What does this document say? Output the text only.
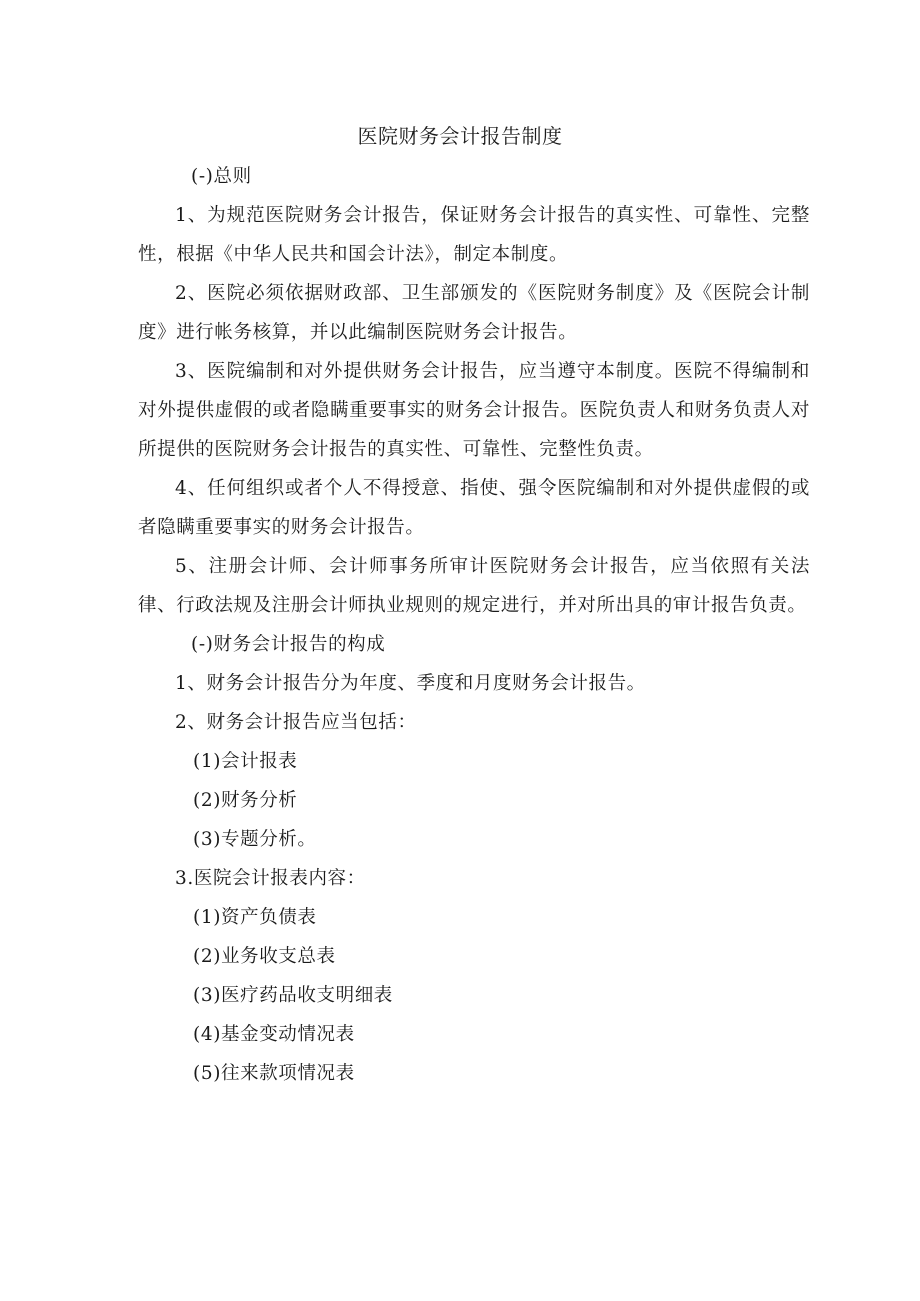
医院财务会计报告制度

(-)总则

1、为规范医院财务会计报告，保证财务会计报告的真实性、可靠性、完整性，根据《中华人民共和国会计法》，制定本制度。

2、医院必须依据财政部、卫生部颁发的《医院财务制度》及《医院会计制度》进行帐务核算，并以此编制医院财务会计报告。

3、医院编制和对外提供财务会计报告，应当遵守本制度。医院不得编制和对外提供虚假的或者隐瞒重要事实的财务会计报告。医院负责人和财务负责人对所提供的医院财务会计报告的真实性、可靠性、完整性负责。

4、任何组织或者个人不得授意、指使、强令医院编制和对外提供虚假的或者隐瞒重要事实的财务会计报告。

5、注册会计师、会计师事务所审计医院财务会计报告，应当依照有关法律、行政法规及注册会计师执业规则的规定进行，并对所出具的审计报告负责。

(-)财务会计报告的构成

1、财务会计报告分为年度、季度和月度财务会计报告。

2、财务会计报告应当包括：

(1)会计报表

(2)财务分析

(3)专题分析。

3.医院会计报表内容：

(1)资产负债表

(2)业务收支总表

(3)医疗药品收支明细表

(4)基金变动情况表

(5)往来款项情况表
